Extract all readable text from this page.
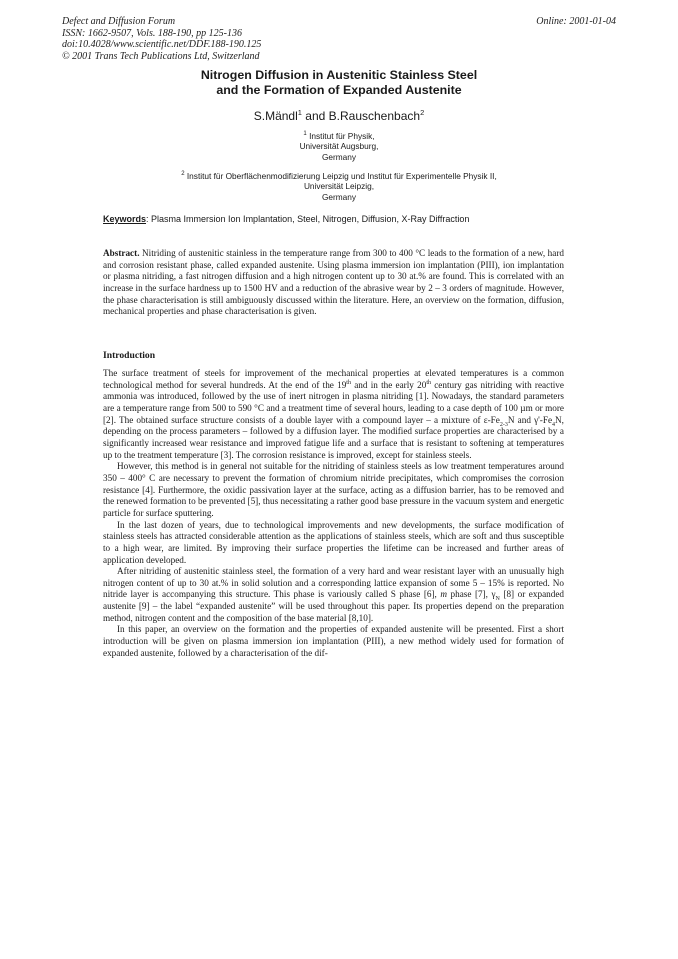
Defect and Diffusion Forum
ISSN: 1662-9507, Vols. 188-190, pp 125-136
doi:10.4028/www.scientific.net/DDF.188-190.125
© 2001 Trans Tech Publications Ltd, Switzerland
Online: 2001-01-04
Nitrogen Diffusion in Austenitic Stainless Steel
and the Formation of Expanded Austenite
S.Mändl$^1$ and B.Rauschenbach$^2$
$^1$ Institut für Physik,
Universität Augsburg,
Germany
$^2$ Institut für Oberflächenmodifizierung Leipzig und Institut für Experimentelle Physik II,
Universität Leipzig,
Germany
Keywords: Plasma Immersion Ion Implantation, Steel, Nitrogen, Diffusion, X-Ray Diffraction

Abstract. Nitriding of austenitic stainless in the temperature range from 300 to 400 °C leads to the formation of a new, hard and corrosion resistant phase, called expanded austenite. Using plasma immersion ion implantation (PIII), ion implantation or plasma nitriding, a fast nitrogen diffusion and a high nitrogen content up to 30 at.% are found. This is correlated with an increase in the surface hardness up to 1500 HV and a reduction of the abrasive wear by 2 – 3 orders of magnitude. However, the phase characterisation is still ambiguously discussed within the literature. Here, an overview on the formation, diffusion, mechanical properties and phase characterisation is given.

Introduction

The surface treatment of steels for improvement of the mechanical properties at elevated temperatures is a common technological method for several hundreds. At the end of the 19th and in the early 20th century gas nitriding with reactive ammonia was introduced, followed by the use of inert nitrogen in plasma nitriding [1]. Nowadays, the standard parameters are a temperature range from 500 to 590 °C and a treatment time of several hours, leading to a case depth of 100 µm or more [2]. The obtained surface structure consists of a double layer with a compound layer – a mixture of $\varepsilon-Fe_{2-3}N$ and $\gamma'-Fe_4N$, depending on the process parameters – followed by a diffusion layer. The modified surface properties are characterised by a significantly increased wear resistance and improved fatigue life and a surface that is resistant to softening at temperatures up to the treatment temperature [3]. The corrosion resistance is improved, except for stainless steels.

However, this method is in general not suitable for the nitriding of stainless steels as low treatment temperatures around 350 – 400° C are necessary to prevent the formation of chromium nitride precipitates, which compromises the corrosion resistance [4]. Furthermore, the oxidic passivation layer at the surface, acting as a diffusion barrier, has to be removed and the renewed formation to be prevented [5], thus necessitating a rather good base pressure in the vacuum system and energetic particle for surface sputtering.

In the last dozen of years, due to technological improvements and new developments, the surface modification of stainless steels has attracted considerable attention as the applications of stainless steels, which are soft and thus susceptible to a high wear, are limited. By improving their surface properties the lifetime can be increased and further areas of application developed.

After nitriding of austenitic stainless steel, the formation of a very hard and wear resistant layer with an unusually high nitrogen content of up to 30 at.% in solid solution and a corresponding lattice expansion of some 5 – 15% is reported. No nitride layer is accompanying this structure. This phase is variously called S phase [6], m phase [7], $\gamma_N$ [8] or expanded austenite [9] – the label “expanded austenite” will be used throughout this paper. Its properties depend on the preparation method, nitrogen content and the composition of the base material [8,10].

In this paper, an overview on the formation and the properties of expanded austenite will be presented. First a short introduction will be given on plasma immersion ion implantation (PIII), a new method widely used for formation of expanded austenite, followed by a characterisation of the dif-
